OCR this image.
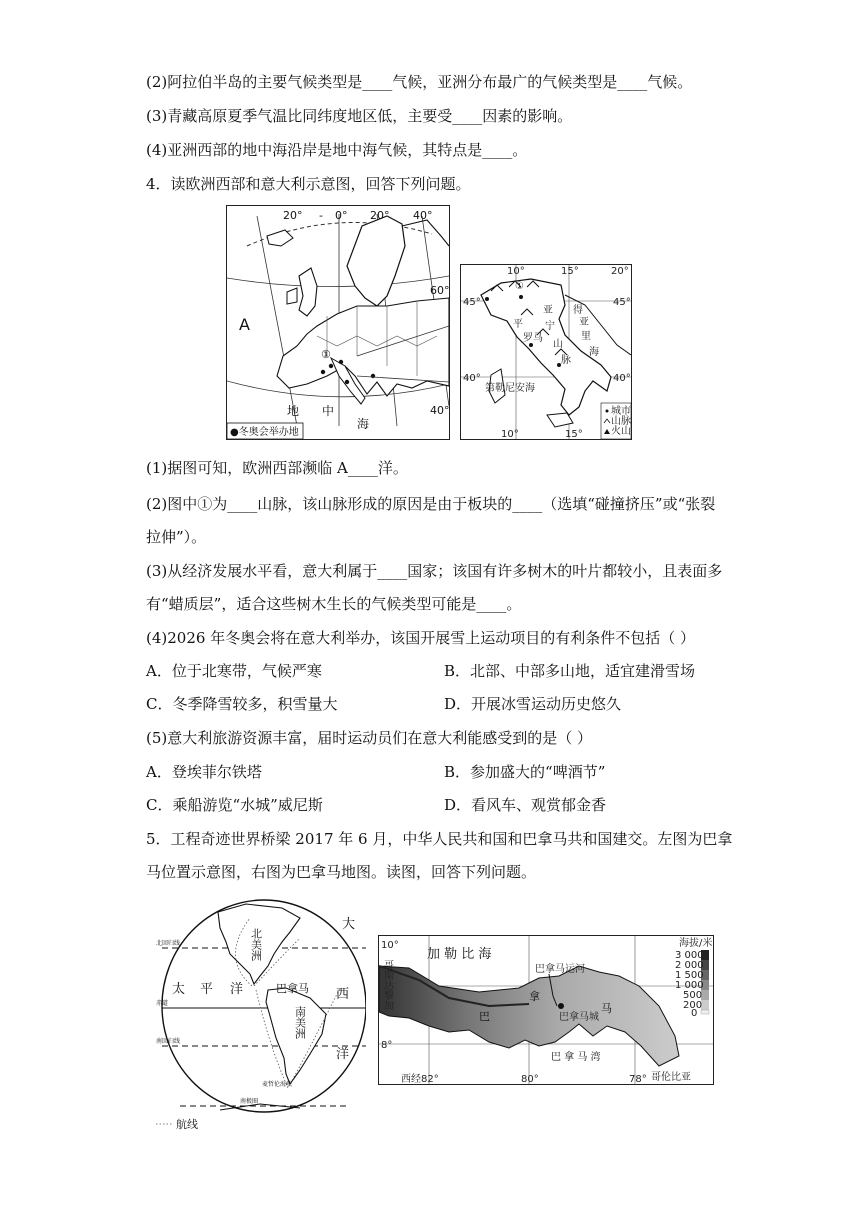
(2)阿拉伯半岛的主要气候类型是____气候，亚洲分布最广的气候类型是____气候。
(3)青藏高原夏季气温比同纬度地区低，主要受____因素的影响。
(4)亚洲西部的地中海沿岸是地中海气候，其特点是____。
4．读欧洲西部和意大利示意图，回答下列问题。
20°	0° 20° 40°
-
60°
40°
A
①
地 中
海
●冬奥会举办地
10°	15°	20°
45°	45°
40°	40°
①
亚
平
罗马
宁
山
脉
亚
得
里
海
第勒尼安海
10°	15°
城市
山脉
火山
(1)据图可知，欧洲西部濒临 A____洋。
(2)图中①为____山脉，该山脉形成的原因是由于板块的____（选填“碰撞挤压”或“张裂
拉伸”）。
(3)从经济发展水平看，意大利属于____国家；该国有许多树木的叶片都较小，且表面多
有“蜡质层”，适合这些树木生长的气候类型可能是____。
(4)2026 年冬奥会将在意大利举办，该国开展雪上运动项目的有利条件不包括（ ）
A．位于北寒带，气候严寒	B．北部、中部多山地，适宜建滑雪场
C．冬季降雪较多，积雪量大	D．开展冰雪运动历史悠久
(5)意大利旅游资源丰富，届时运动员们在意大利能感受到的是（ ）
A．登埃菲尔铁塔	B．参加盛大的“啤酒节”
C．乘船游览“水城”威尼斯	D．看风车、观赏郁金香
5．工程奇迹世界桥梁 2017 年 6 月，中华人民共和国和巴拿马共和国建交。左图为巴拿
马位置示意图，右图为巴拿马地图。读图，回答下列问题。
北美洲
巴拿马
太 平 洋
大
西
洋
南美洲
北回归线
赤道
南回归线
麦哲伦海峡
南极圈
航线
10°
加 勒 比 海
哥斯达黎加	巴拿马运河
拿
巴
马
巴拿马城
8°
巴 拿 马 湾
西经82°	80°	78° 哥伦比亚
海拔/米
3 000
2 000
1 500
1 000
500
200
0
